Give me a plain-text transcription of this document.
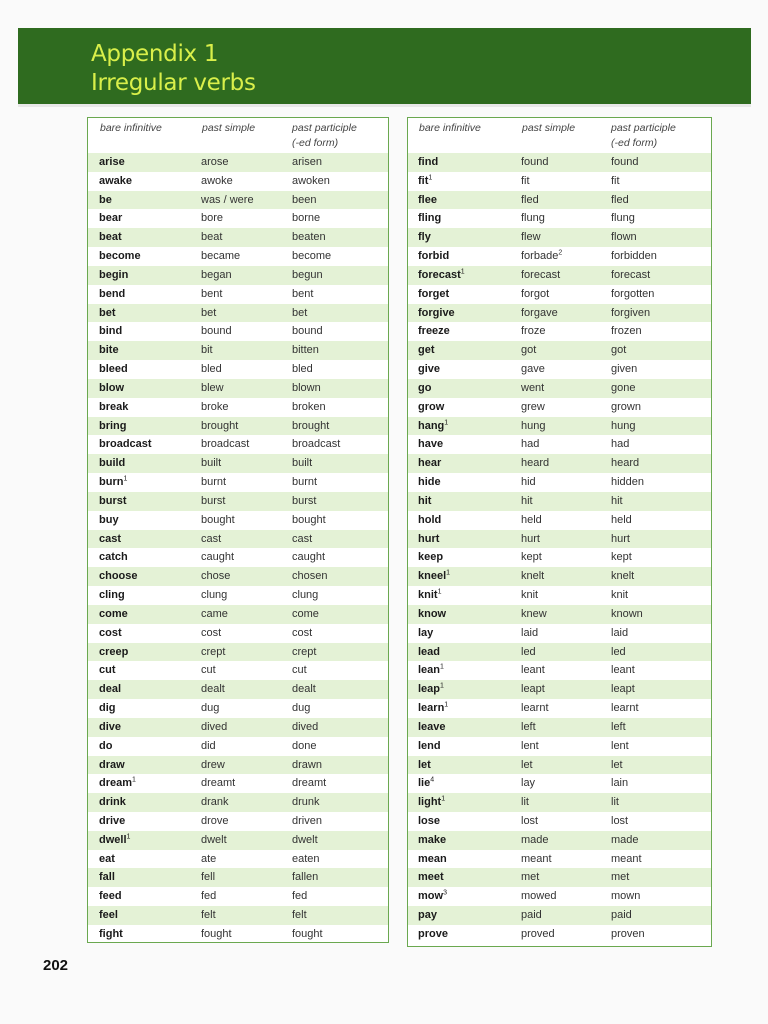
Appendix 1
Irregular verbs
bare infinitive	past simple	past participle
(-ed form)
arise	arose	arisen
awake	awoke	awoken
be	was / were	been
bear	bore	borne
beat	beat	beaten
become	became	become
begin	began	begun
bend	bent	bent
bet	bet	bet
bind	bound	bound
bite	bit	bitten
bleed	bled	bled
blow	blew	blown
break	broke	broken
bring	brought	brought
broadcast	broadcast	broadcast
build	built	built
burn$^1$	burnt	burnt
burst	burst	burst
buy	bought	bought
cast	cast	cast
catch	caught	caught
choose	chose	chosen
cling	clung	clung
come	came	come
cost	cost	cost
creep	crept	crept
cut	cut	cut
deal	dealt	dealt
dig	dug	dug
dive	dived	dived
do	did	done
draw	drew	drawn
dream$^1$	dreamt	dreamt
drink	drank	drunk
drive	drove	driven
dwell$^1$	dwelt	dwelt
eat	ate	eaten
fall	fell	fallen
feed	fed	fed
feel	felt	felt
fight	fought	fought
bare infinitive	past simple	past participle
(-ed form)
find	found	found
fit$^1$	fit	fit
flee	fled	fled
fling	flung	flung
fly	flew	flown
forbid	forbade$^2$	forbidden
forecast$^1$	forecast	forecast
forget	forgot	forgotten
forgive	forgave	forgiven
freeze	froze	frozen
get	got	got
give	gave	given
go	went	gone
grow	grew	grown
hang$^1$	hung	hung
have	had	had
hear	heard	heard
hide	hid	hidden
hit	hit	hit
hold	held	held
hurt	hurt	hurt
keep	kept	kept
kneel$^1$	knelt	knelt
knit$^1$	knit	knit
know	knew	known
lay	laid	laid
lead	led	led
lean$^1$	leant	leant
leap$^1$	leapt	leapt
learn$^1$	learnt	learnt
leave	left	left
lend	lent	lent
let	let	let
lie$^4$	lay	lain
light$^1$	lit	lit
lose	lost	lost
make	made	made
mean	meant	meant
meet	met	met
mow$^3$	mowed	mown
pay	paid	paid
prove	proved	proven
202
